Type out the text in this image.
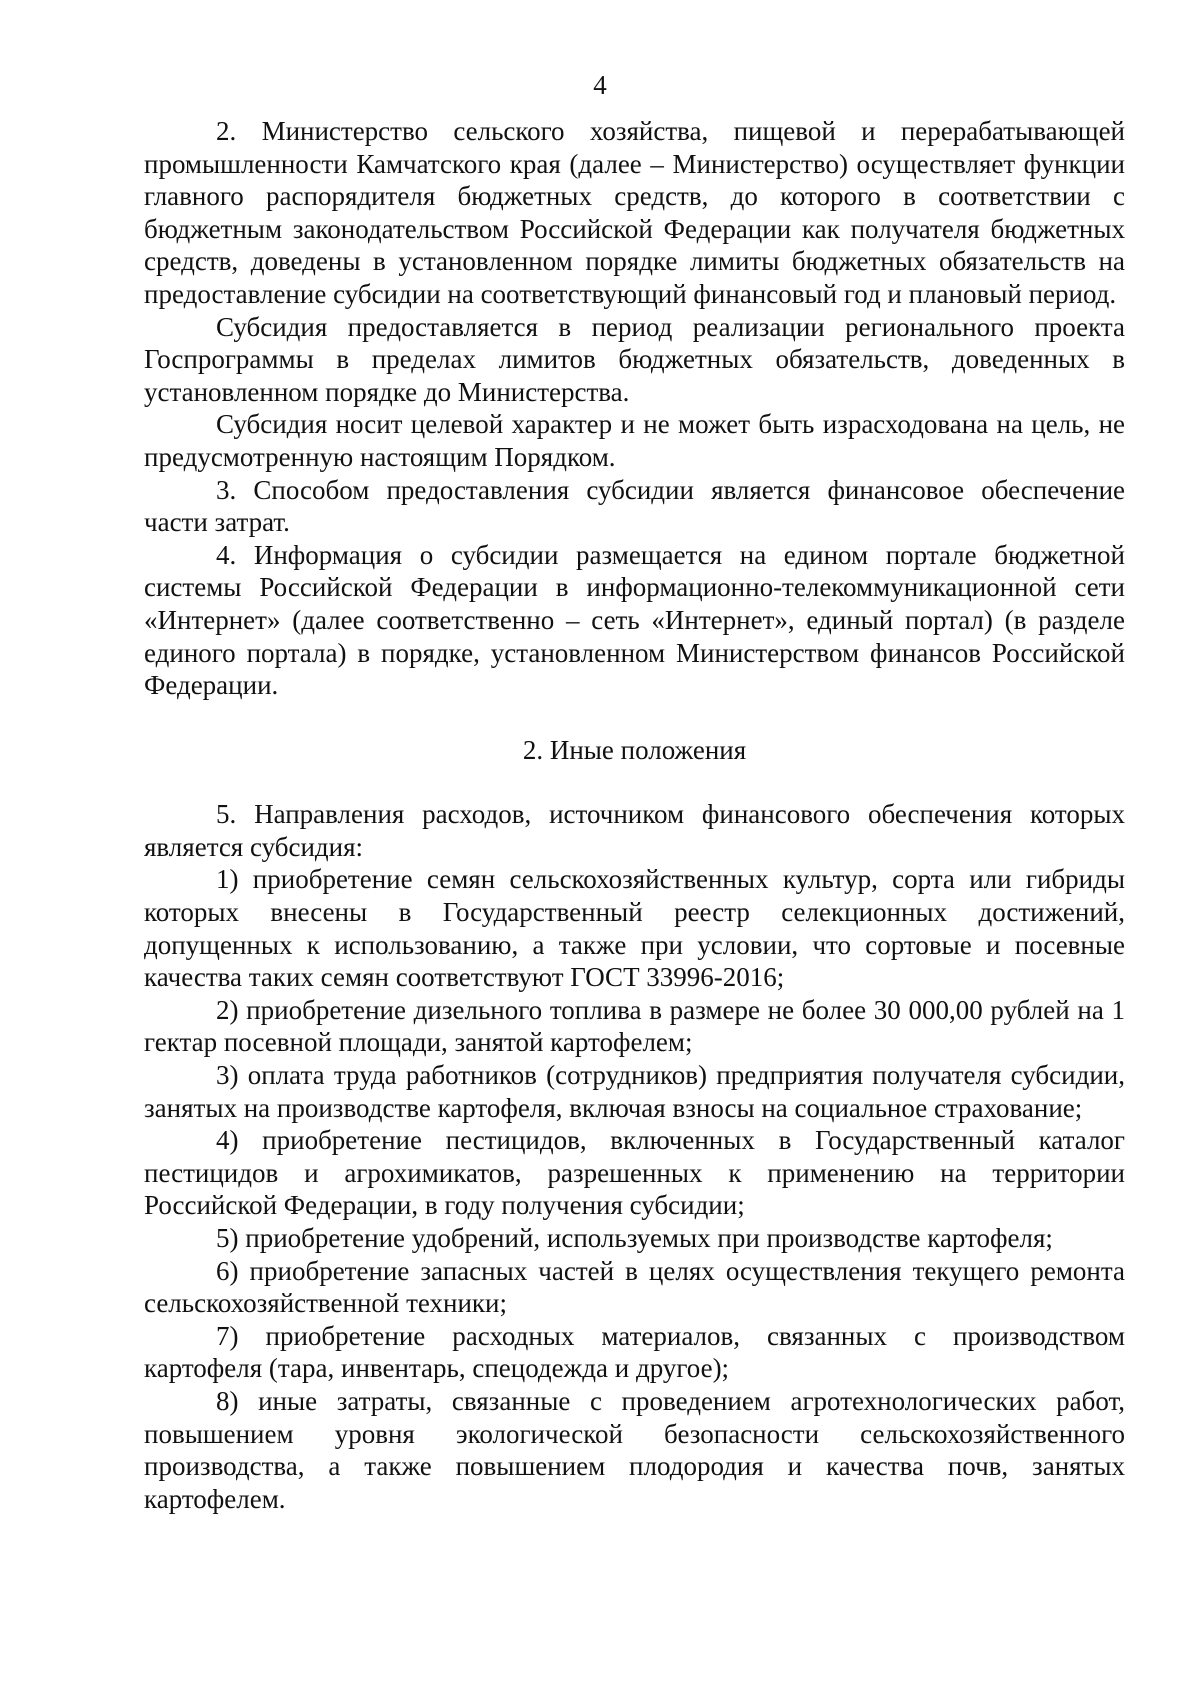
4

2. Министерство сельского хозяйства, пищевой и перерабатывающей промышленности Камчатского края (далее – Министерство) осуществляет функции главного распорядителя бюджетных средств, до которого в соответствии с бюджетным законодательством Российской Федерации как получателя бюджетных средств, доведены в установленном порядке лимиты бюджетных обязательств на предоставление субсидии на соответствующий финансовый год и плановый период.

Субсидия предоставляется в период реализации регионального проекта Госпрограммы в пределах лимитов бюджетных обязательств, доведенных в установленном порядке до Министерства.

Субсидия носит целевой характер и не может быть израсходована на цель, не предусмотренную настоящим Порядком.

3. Способом предоставления субсидии является финансовое обеспечение части затрат.

4. Информация о субсидии размещается на едином портале бюджетной системы Российской Федерации в информационно-телекоммуникационной сети «Интернет» (далее соответственно – сеть «Интернет», единый портал) (в разделе единого портала) в порядке, установленном Министерством финансов Российской Федерации.

2. Иные положения

5. Направления расходов, источником финансового обеспечения которых является субсидия:

1) приобретение семян сельскохозяйственных культур, сорта или гибриды которых внесены в Государственный реестр селекционных достижений, допущенных к использованию, а также при условии, что сортовые и посевные качества таких семян соответствуют ГОСТ 33996-2016;

2) приобретение дизельного топлива в размере не более 30 000,00 рублей на 1 гектар посевной площади, занятой картофелем;

3) оплата труда работников (сотрудников) предприятия получателя субсидии, занятых на производстве картофеля, включая взносы на социальное страхование;

4) приобретение пестицидов, включенных в Государственный каталог пестицидов и агрохимикатов, разрешенных к применению на территории Российской Федерации, в году получения субсидии;

5) приобретение удобрений, используемых при производстве картофеля;

6) приобретение запасных частей в целях осуществления текущего ремонта сельскохозяйственной техники;

7) приобретение расходных материалов, связанных с производством картофеля (тара, инвентарь, спецодежда и другое);

8) иные затраты, связанные с проведением агротехнологических работ, повышением уровня экологической безопасности сельскохозяйственного производства, а также повышением плодородия и качества почв, занятых картофелем.
